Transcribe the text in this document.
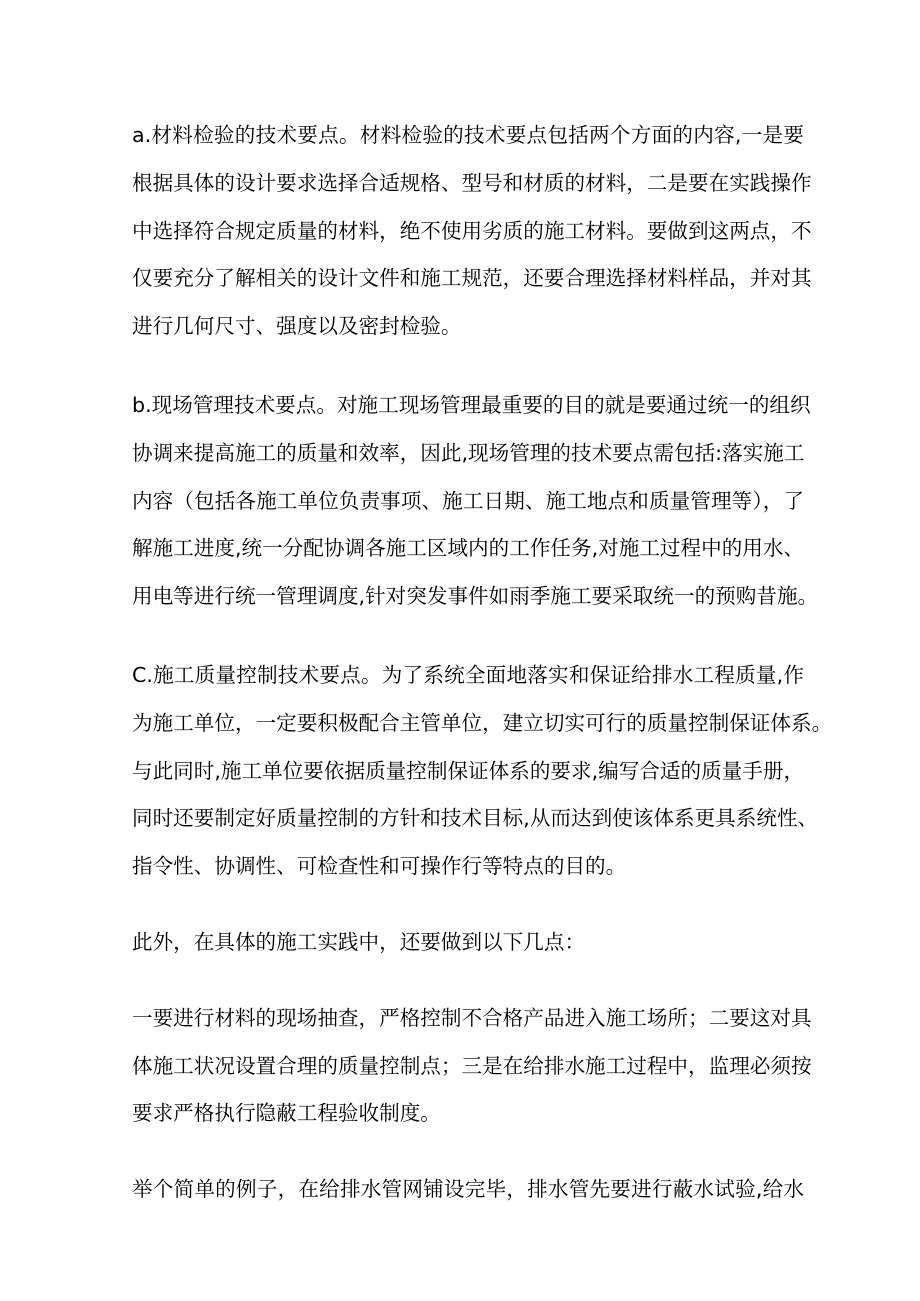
a.材料检验的技术要点。材料检验的技术要点包括两个方面的内容,一是要
根据具体的设计要求选择合适规格、型号和材质的材料，二是要在实践操作
中选择符合规定质量的材料，绝不使用劣质的施工材料。要做到这两点，不
仅要充分了解相关的设计文件和施工规范，还要合理选择材料样品，并对其
进行几何尺寸、强度以及密封检验。

b.现场管理技术要点。对施工现场管理最重要的目的就是要通过统一的组织
协调来提高施工的质量和效率，因此,现场管理的技术要点需包括:落实施工
内容（包括各施工单位负责事项、施工日期、施工地点和质量管理等），了
解施工进度,统一分配协调各施工区域内的工作任务,对施工过程中的用水、
用电等进行统一管理调度,针对突发事件如雨季施工要采取统一的预购昔施。

C.施工质量控制技术要点。为了系统全面地落实和保证给排水工程质量,作
为施工单位，一定要积极配合主管单位，建立切实可行的质量控制保证体系。
与此同时,施工单位要依据质量控制保证体系的要求,编写合适的质量手册，
同时还要制定好质量控制的方针和技术目标,从而达到使该体系更具系统性、
指令性、协调性、可检查性和可操作行等特点的目的。

此外，在具体的施工实践中，还要做到以下几点：

一要进行材料的现场抽查，严格控制不合格产品进入施工场所；二要这对具
体施工状况设置合理的质量控制点；三是在给排水施工过程中，监理必须按
要求严格执行隐蔽工程验收制度。

举个简单的例子，在给排水管网铺设完毕，排水管先要进行蔽水试验,给水
